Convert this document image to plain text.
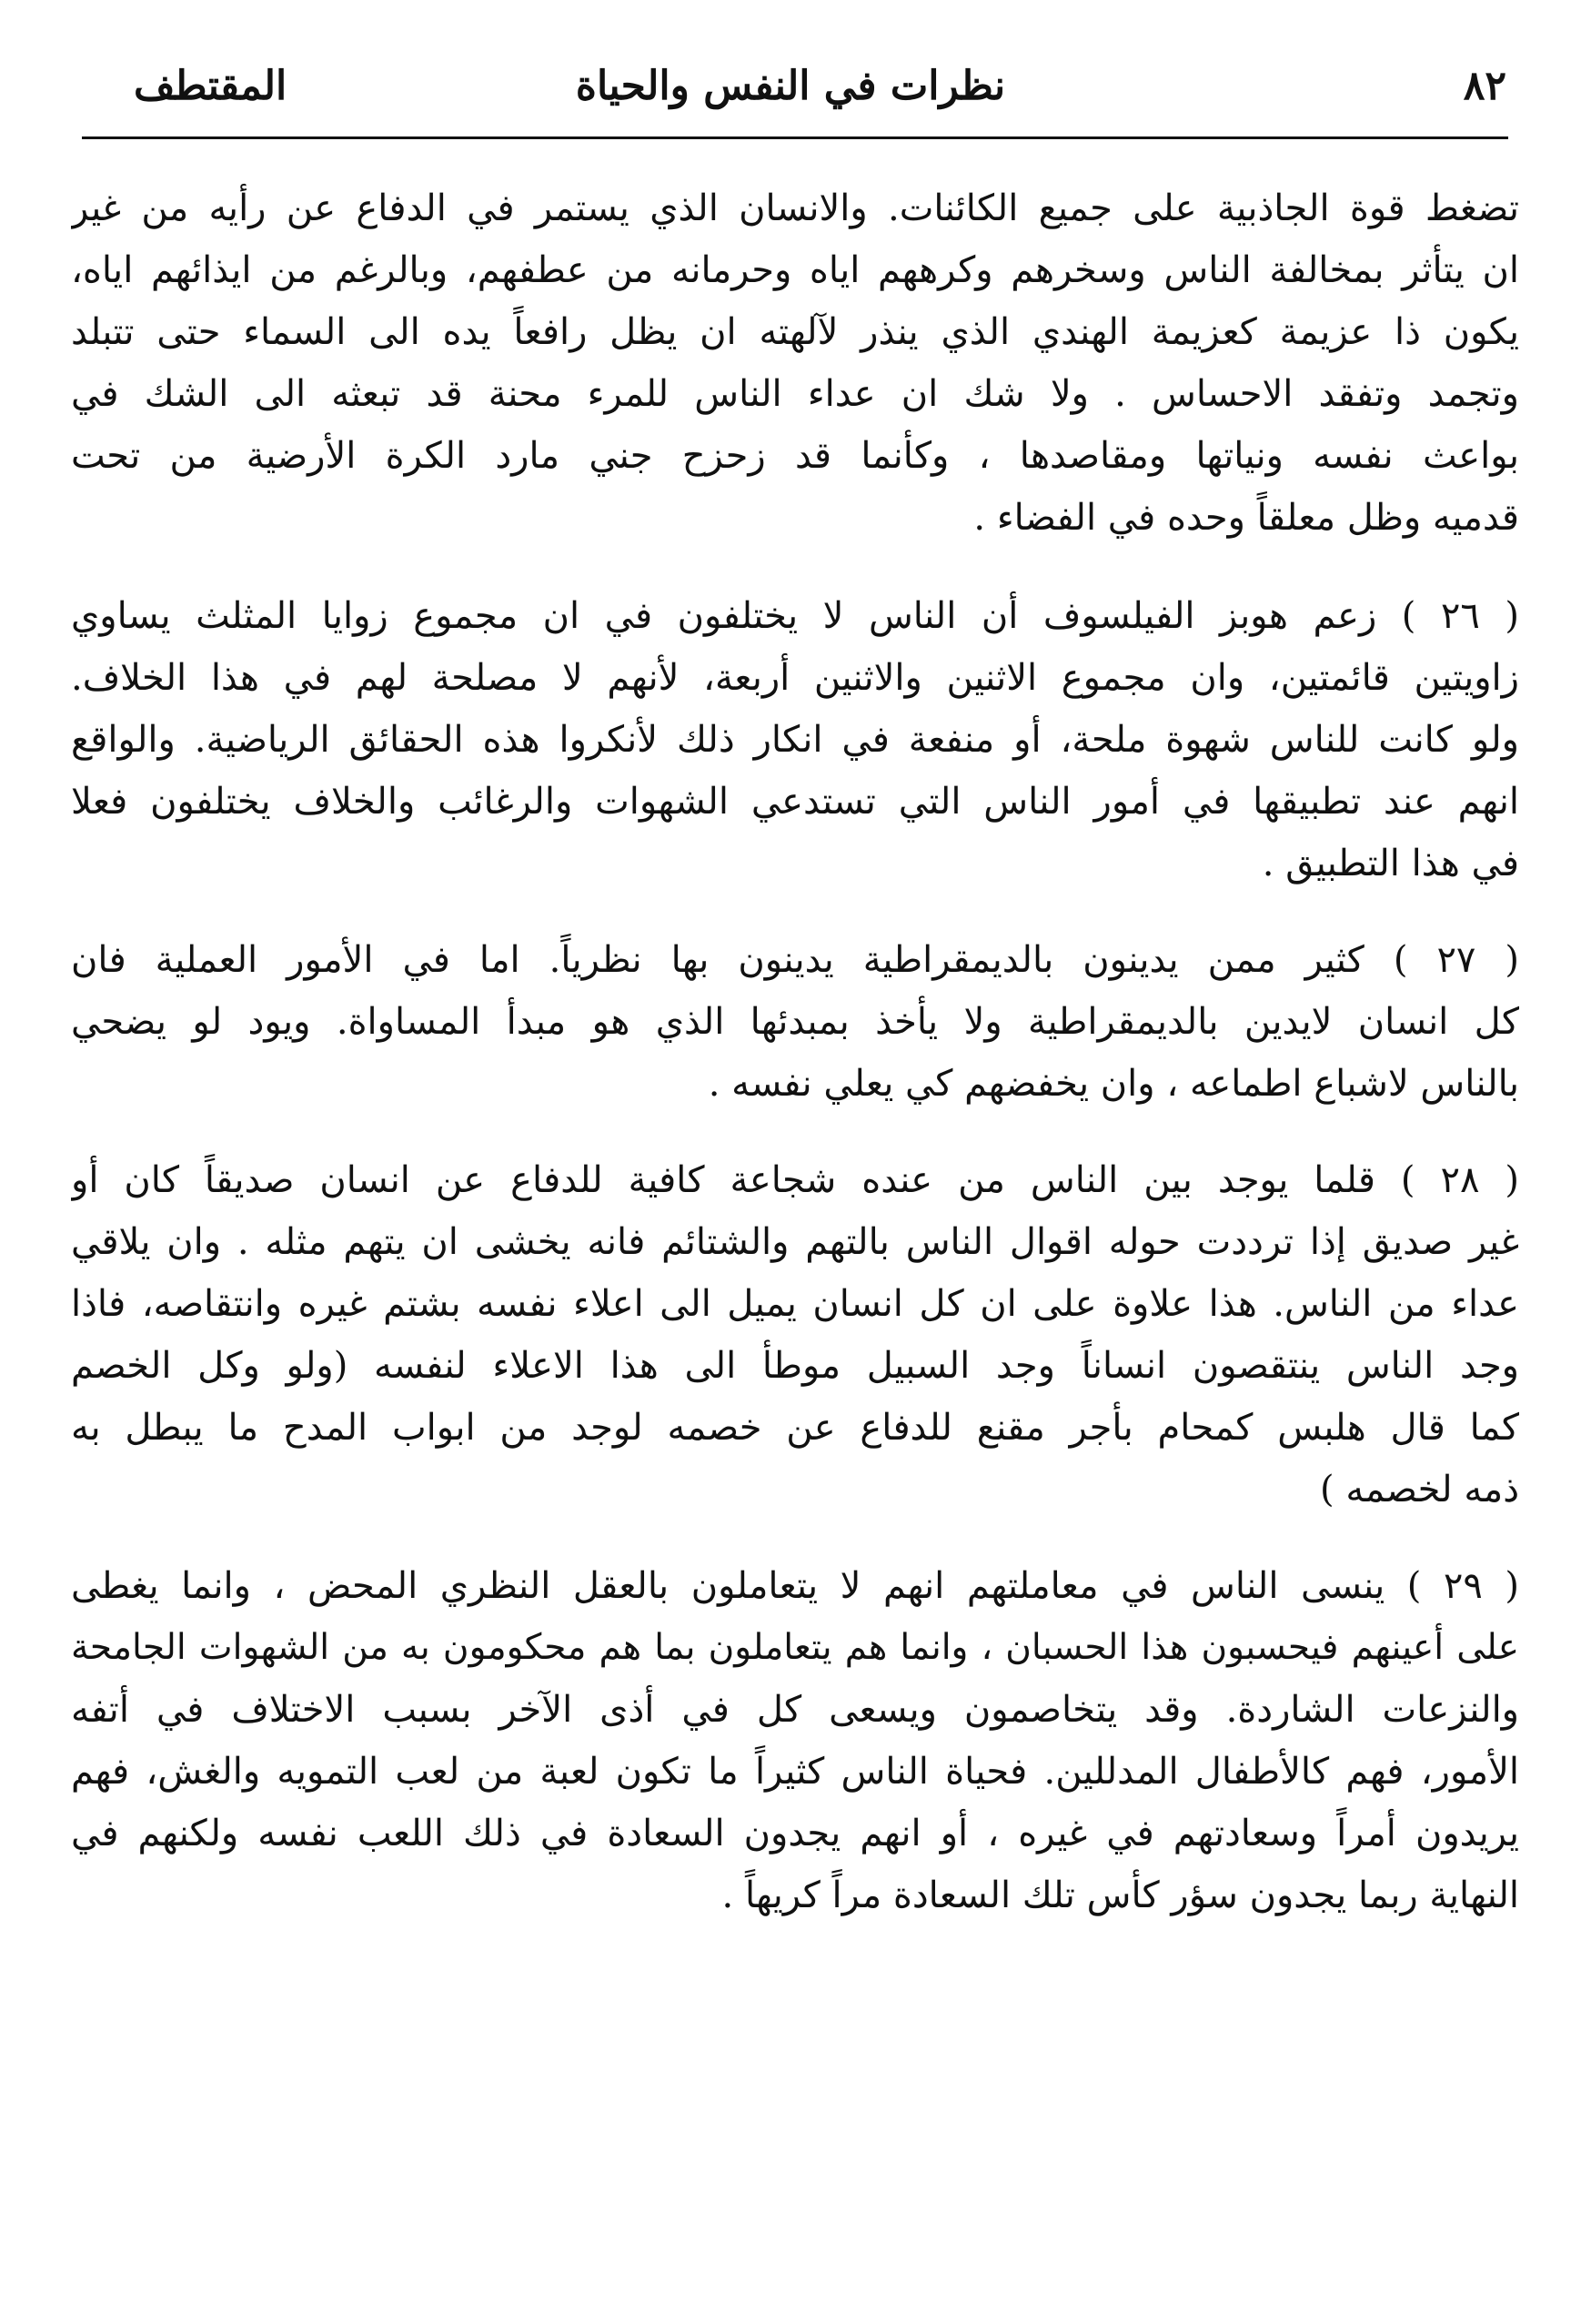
٨٢
نظرات في النفس والحياة
المقتطف

تضغط قوة الجاذبية على جميع الكائنات. والانسان الذي يستمر في الدفاع عن رأيه من غير
ان يتأثر بمخالفة الناس وسخرهم وكرههم اياه وحرمانه من عطفهم، وبالرغم من ايذائهم اياه،
يكون ذا عزيمة كعزيمة الهندي الذي ينذر لآلهته ان يظل رافعاً يده الى السماء حتى تتبلد
وتجمد وتفقد الاحساس . ولا شك ان عداء الناس للمرء محنة قد تبعثه الى الشك في
بواعث نفسه ونياتها ومقاصدها ، وكأنما قد زحزح جني مارد الكرة الأرضية من تحت
قدميه وظل معلقاً وحده في الفضاء .

( ٢٦ ) زعم هوبز الفيلسوف أن الناس لا يختلفون في ان مجموع زوايا المثلث يساوي
زاويتين قائمتين، وان مجموع الاثنين والاثنين أربعة، لأنهم لا مصلحة لهم في هذا الخلاف.
ولو كانت للناس شهوة ملحة، أو منفعة في انكار ذلك لأنكروا هذه الحقائق الرياضية. والواقع
انهم عند تطبيقها في أمور الناس التي تستدعي الشهوات والرغائب والخلاف يختلفون فعلا
في هذا التطبيق .

( ٢٧ ) كثير ممن يدينون بالديمقراطية يدينون بها نظرياً. اما في الأمور العملية فان
كل انسان لايدين بالديمقراطية ولا يأخذ بمبدئها الذي هو مبدأ المساواة. ويود لو يضحي
بالناس لاشباع اطماعه ، وان يخفضهم كي يعلي نفسه .

( ٢٨ ) قلما يوجد بين الناس من عنده شجاعة كافية للدفاع عن انسان صديقاً كان أو
غير صديق إذا ترددت حوله اقوال الناس بالتهم والشتائم فانه يخشى ان يتهم مثله . وان يلاقي
عداء من الناس. هذا علاوة على ان كل انسان يميل الى اعلاء نفسه بشتم غيره وانتقاصه، فاذا
وجد الناس ينتقصون انساناً وجد السبيل موطأ الى هذا الاعلاء لنفسه (ولو وكل الخصم
كما قال هلبس كمحام بأجر مقنع للدفاع عن خصمه لوجد من ابواب المدح ما يبطل به
ذمه لخصمه )

( ٢٩ ) ينسى الناس في معاملتهم انهم لا يتعاملون بالعقل النظري المحض ، وانما يغطى
على أعينهم فيحسبون هذا الحسبان ، وانما هم يتعاملون بما هم محكومون به من الشهوات الجامحة
والنزعات الشاردة. وقد يتخاصمون ويسعى كل في أذى الآخر بسبب الاختلاف في أتفه
الأمور، فهم كالأطفال المدللين. فحياة الناس كثيراً ما تكون لعبة من لعب التمويه والغش، فهم
يريدون أمراً وسعادتهم في غيره ، أو انهم يجدون السعادة في ذلك اللعب نفسه ولكنهم في
النهاية ربما يجدون سؤر كأس تلك السعادة مراً كريهاً .
